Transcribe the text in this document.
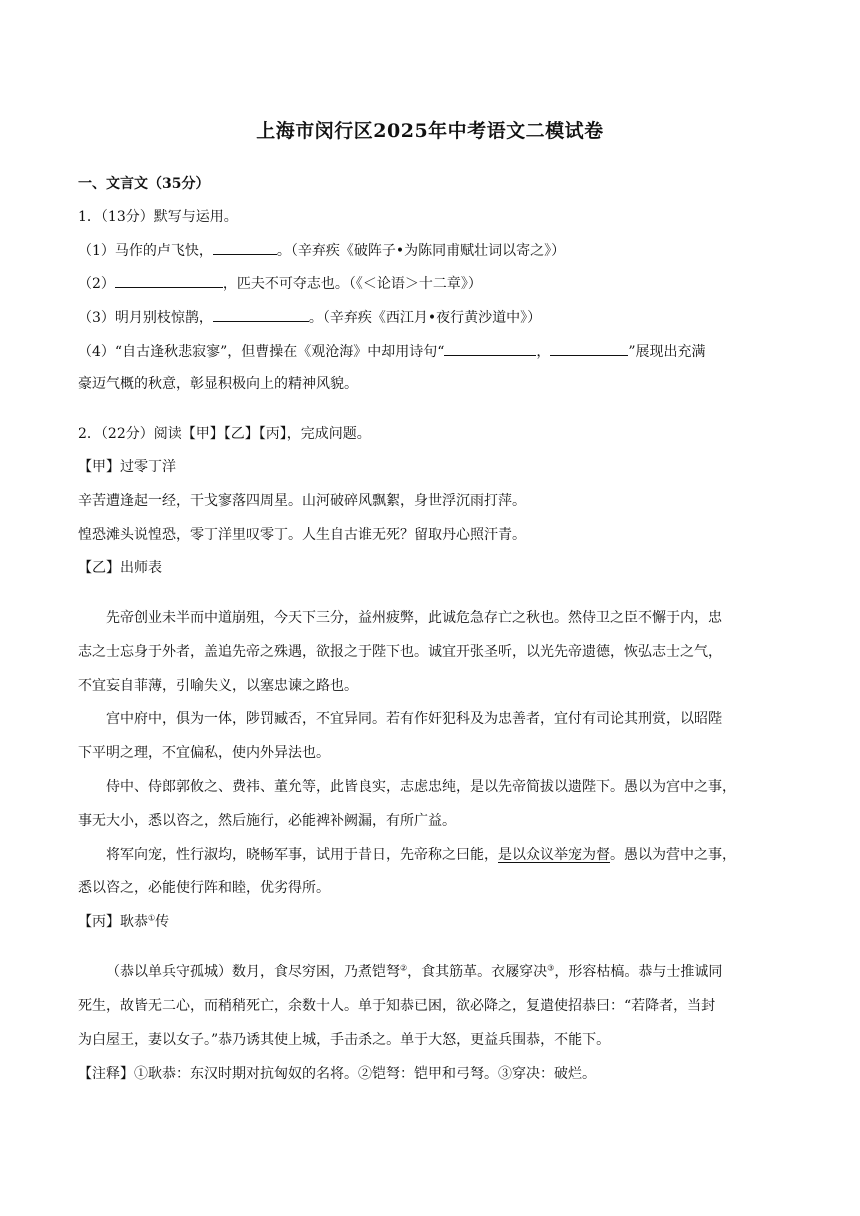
上海市闵行区2025年中考语文二模试卷
一、文言文（35分）
1．（13分）默写与运用。
（1）马作的卢飞快，	。（辛弃疾《破阵子•为陈同甫赋壮词以寄之》）
（2）	，匹夫不可夺志也。（《＜论语＞十二章》）
（3）明月别枝惊鹊，	。（辛弃疾《西江月•夜行黄沙道中》）
（4）“自古逢秋悲寂寥”，但曹操在《观沧海》中却用诗句“	，	”展现出充满
豪迈气概的秋意，彰显积极向上的精神风貌。
2．（22分）阅读【甲】【乙】【丙】，完成问题。
【甲】过零丁洋
辛苦遭逢起一经，干戈寥落四周星。山河破碎风飘絮，身世浮沉雨打萍。
惶恐滩头说惶恐，零丁洋里叹零丁。人生自古谁无死？留取丹心照汗青。
【乙】出师表
先帝创业未半而中道崩殂，今天下三分，益州疲弊，此诚危急存亡之秋也。然侍卫之臣不懈于内，忠
志之士忘身于外者，盖追先帝之殊遇，欲报之于陛下也。诚宜开张圣听，以光先帝遗德，恢弘志士之气，
不宜妄自菲薄，引喻失义，以塞忠谏之路也。
宫中府中，俱为一体，陟罚臧否，不宜异同。若有作奸犯科及为忠善者，宜付有司论其刑赏，以昭陛
下平明之理，不宜偏私，使内外异法也。
侍中、侍郎郭攸之、费祎、董允等，此皆良实，志虑忠纯，是以先帝简拔以遗陛下。愚以为宫中之事，
事无大小，悉以咨之，然后施行，必能裨补阙漏，有所广益。
将军向宠，性行淑均，晓畅军事，试用于昔日，先帝称之曰能，是以众议举宠为督。愚以为营中之事，
悉以咨之，必能使行阵和睦，优劣得所。
【丙】耿恭①传
（恭以单兵守孤城）数月，食尽穷困，乃煮铠弩②，食其筋革。衣屦穿决③，形容枯槁。恭与士推诚同
死生，故皆无二心，而稍稍死亡，余数十人。单于知恭已困，欲必降之，复遣使招恭曰：“若降者，当封
为白屋王，妻以女子。”恭乃诱其使上城，手击杀之。单于大怒，更益兵围恭，不能下。
【注释】①耿恭：东汉时期对抗匈奴的名将。②铠弩：铠甲和弓弩。③穿决：破烂。
